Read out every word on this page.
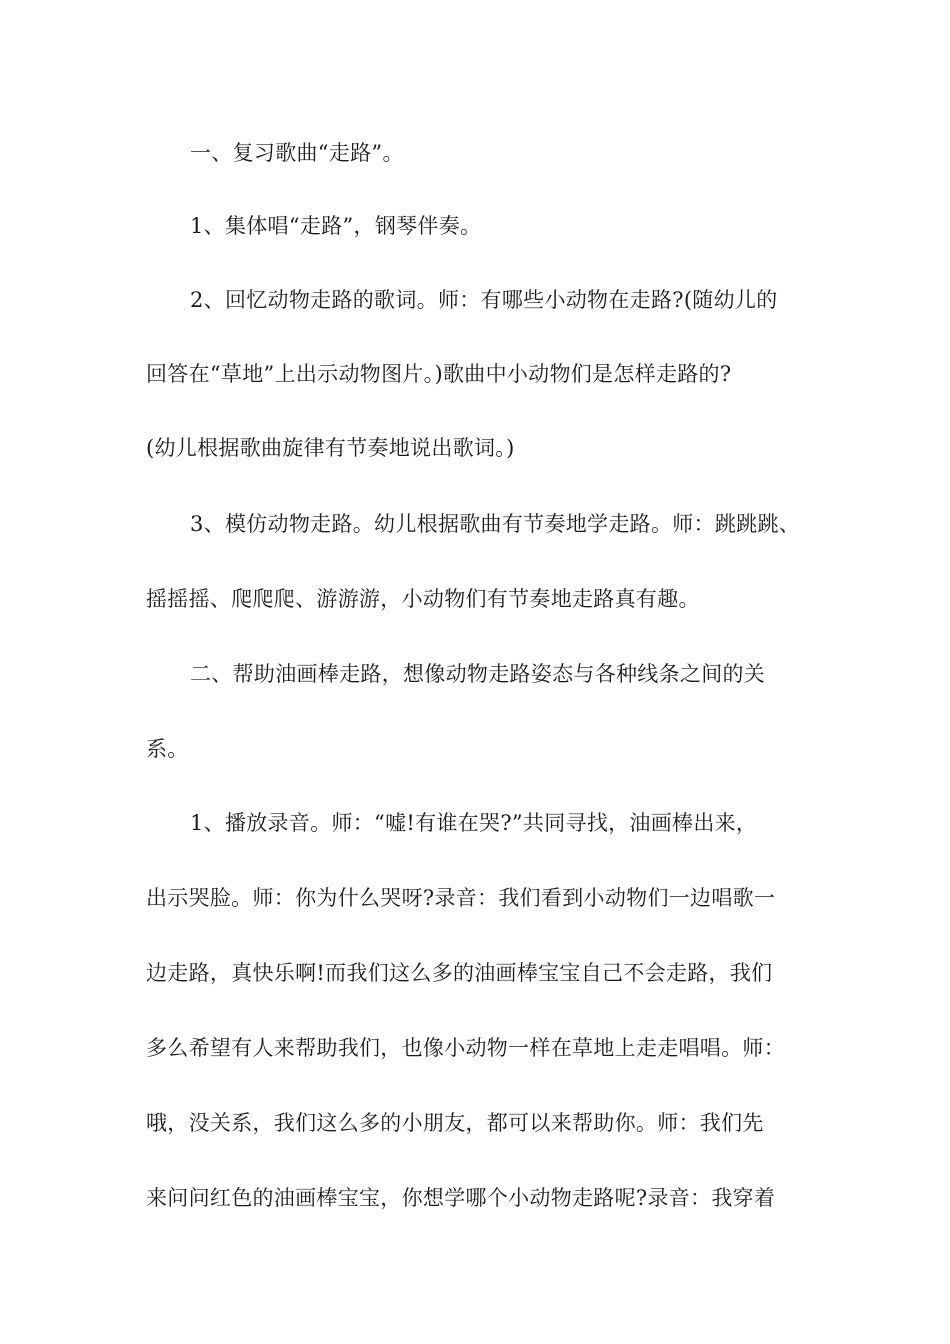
一、复习歌曲“走路”。
1、集体唱“走路”，钢琴伴奏。
2、回忆动物走路的歌词。师：有哪些小动物在走路?(随幼儿的
回答在“草地”上出示动物图片。)歌曲中小动物们是怎样走路的?
(幼儿根据歌曲旋律有节奏地说出歌词。)
3、模仿动物走路。幼儿根据歌曲有节奏地学走路。师：跳跳跳、
摇摇摇、爬爬爬、游游游，小动物们有节奏地走路真有趣。
二、帮助油画棒走路，想像动物走路姿态与各种线条之间的关
系。
1、播放录音。师：“嘘!有谁在哭?”共同寻找，油画棒出来，
出示哭脸。师：你为什么哭呀?录音：我们看到小动物们一边唱歌一
边走路，真快乐啊!而我们这么多的油画棒宝宝自己不会走路，我们
多么希望有人来帮助我们，也像小动物一样在草地上走走唱唱。师：
哦，没关系，我们这么多的小朋友，都可以来帮助你。师：我们先
来问问红色的油画棒宝宝，你想学哪个小动物走路呢?录音：我穿着
